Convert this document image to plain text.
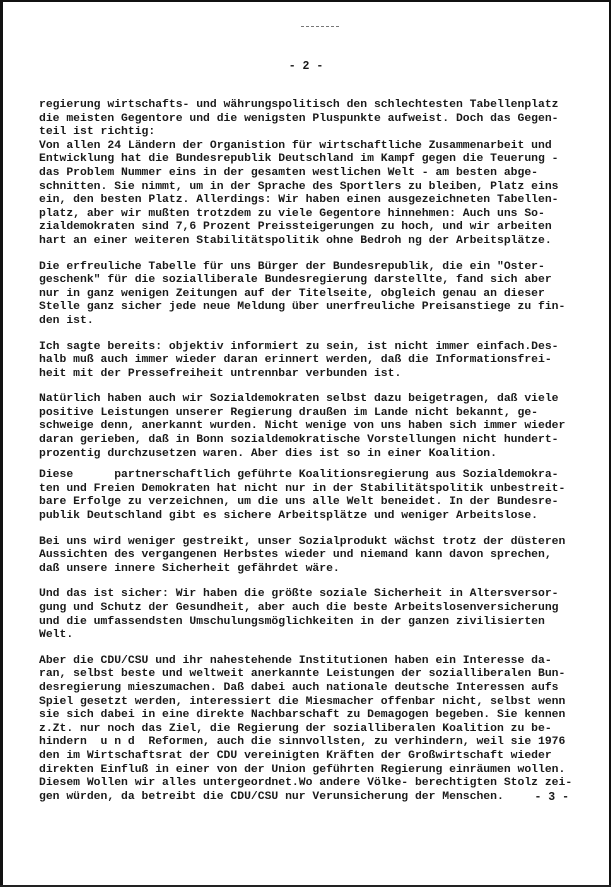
- 2 -
regierung wirtschafts- und währungspolitisch den schlechtesten Tabellenplatz
die meisten Gegentore und die wenigsten Pluspunkte aufweist. Doch das Gegen-
teil ist richtig:
Von allen 24 Ländern der Organistion für wirtschaftliche Zusammenarbeit und
Entwicklung hat die Bundesrepublik Deutschland im Kampf gegen die Teuerung -
das Problem Nummer eins in der gesamten westlichen Welt - am besten abge-
schnitten. Sie nimmt, um in der Sprache des Sportlers zu bleiben, Platz eins
ein, den besten Platz. Allerdings: Wir haben einen ausgezeichneten Tabellen-
platz, aber wir mußten trotzdem zu viele Gegentore hinnehmen: Auch uns So-
zialdemokraten sind 7,6 Prozent Preissteigerungen zu hoch, und wir arbeiten
hart an einer weiteren Stabilitätspolitik ohne Bedroh ng der Arbeitsplätze.
Die erfreuliche Tabelle für uns Bürger der Bundesrepublik, die ein "Oster-
geschenk" für die sozialliberale Bundesregierung darstellte, fand sich aber
nur in ganz wenigen Zeitungen auf der Titelseite, obgleich genau an dieser
Stelle ganz sicher jede neue Meldung über unerfreuliche Preisanstiege zu fin-
den ist.
Ich sagte bereits: objektiv informiert zu sein, ist nicht immer einfach.Des-
halb muß auch immer wieder daran erinnert werden, daß die Informationsfrei-
heit mit der Pressefreiheit untrennbar verbunden ist.
Natürlich haben auch wir Sozialdemokraten selbst dazu beigetragen, daß viele
positive Leistungen unserer Regierung draußen im Lande nicht bekannt, ge-
schweige denn, anerkannt wurden. Nicht wenige von uns haben sich immer wieder
daran gerieben, daß in Bonn sozialdemokratische Vorstellungen nicht hundert-
prozentig durchzusetzen waren. Aber dies ist so in einer Koalition.
Diese      partnerschaftlich geführte Koalitionsregierung aus Sozialdemokra-
ten und Freien Demokraten hat nicht nur in der Stabilitätspolitik unbestreit-
bare Erfolge zu verzeichnen, um die uns alle Welt beneidet. In der Bundesre-
publik Deutschland gibt es sichere Arbeitsplätze und weniger Arbeitslose.
Bei uns wird weniger gestreikt, unser Sozialprodukt wächst trotz der düsteren
Aussichten des vergangenen Herbstes wieder und niemand kann davon sprechen,
daß unsere innere Sicherheit gefährdet wäre.
Und das ist sicher: Wir haben die größte soziale Sicherheit in Altersversor-
gung und Schutz der Gesundheit, aber auch die beste Arbeitslosenversicherung
und die umfassendsten Umschulungsmöglichkeiten in der ganzen zivilisierten
Welt.
Aber die CDU/CSU und ihr nahestehende Institutionen haben ein Interesse da-
ran, selbst beste und weltweit anerkannte Leistungen der sozialliberalen Bun-
desregierung mieszumachen. Daß dabei auch nationale deutsche Interessen aufs
Spiel gesetzt werden, interessiert die Miesmacher offenbar nicht, selbst wenn
sie sich dabei in eine direkte Nachbarschaft zu Demagogen begeben. Sie kennen
z.Zt. nur noch das Ziel, die Regierung der sozialliberalen Koalition zu be-
hindern  u n d  Reformen, auch die sinnvollsten, zu verhindern, weil sie 1976
den im Wirtschaftsrat der CDU vereinigten Kräften der Großwirtschaft wieder
direkten Einfluß in einer von der Union geführten Regierung einräumen wollen.
Diesem Wollen wir alles untergeordnet.Wo andere Völke- berechtigten Stolz zei-
gen würden, da betreibt die CDU/CSU nur Verunsicherung der Menschen.	- 3 -
